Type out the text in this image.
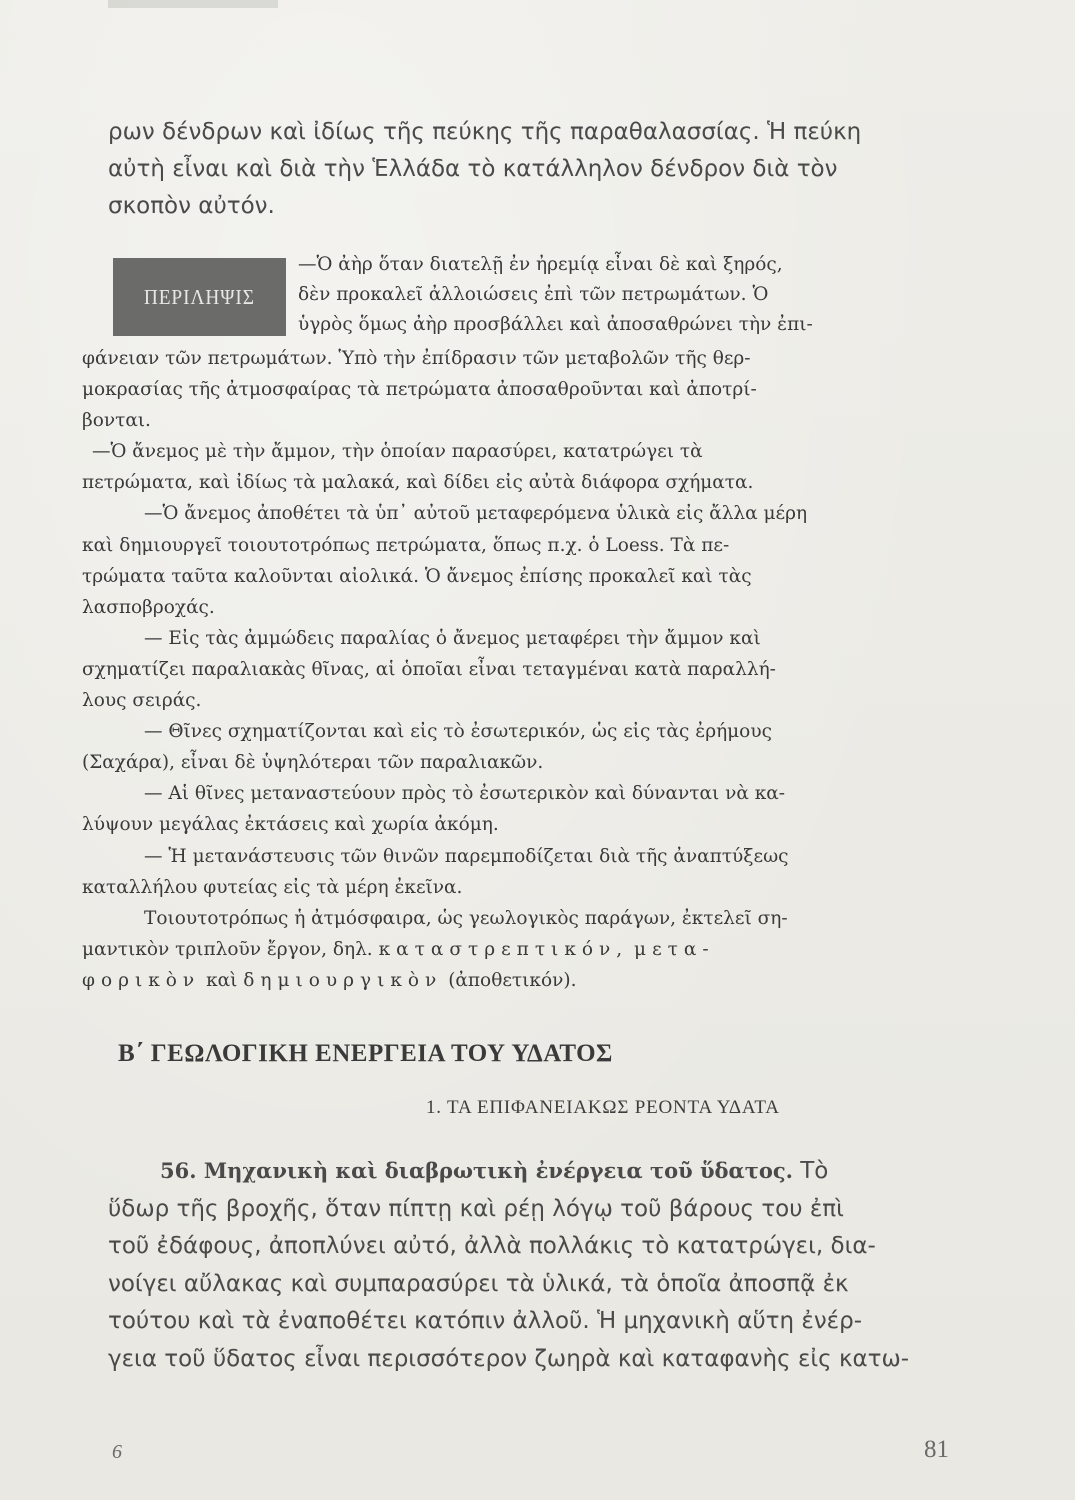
ρων δένδρων καὶ ἰδίως τῆς πεύκης τῆς παραθαλασσίας. Ἡ πεύκη
αὐτὴ εἶναι καὶ διὰ τὴν Ἑλλάδα τὸ κατάλληλον δένδρον διὰ τὸν
σκοπὸν αὐτόν.
ΠΕΡΙΛΗΨΙΣ
—Ὁ ἀὴρ ὅταν διατελῇ ἐν ἠρεμίᾳ εἶναι δὲ καὶ ξηρός,
δὲν προκαλεῖ ἀλλοιώσεις ἐπὶ τῶν πετρωμάτων. Ὁ
ὑγρὸς ὅμως ἀὴρ προσβάλλει καὶ ἀποσαθρώνει τὴν ἐπι-
φάνειαν τῶν πετρωμάτων. Ὑπὸ τὴν ἐπίδρασιν τῶν μεταβολῶν τῆς θερ-
μοκρασίας τῆς ἀτμοσφαίρας τὰ πετρώματα ἀποσαθροῦνται καὶ ἀποτρί-
βονται.
—Ὁ ἄνεμος μὲ τὴν ἄμμον, τὴν ὁποίαν παρασύρει, κατατρώγει τὰ
πετρώματα, καὶ ἰδίως τὰ μαλακά, καὶ δίδει εἰς αὐτὰ διάφορα σχήματα.
—Ὁ ἄνεμος ἀποθέτει τὰ ὑπ᾽ αὐτοῦ μεταφερόμενα ὑλικὰ εἰς ἄλλα μέρη
καὶ δημιουργεῖ τοιουτοτρόπως πετρώματα, ὅπως π.χ. ὁ Loess. Τὰ πε-
τρώματα ταῦτα καλοῦνται αἰολικά. Ὁ ἄνεμος ἐπίσης προκαλεῖ καὶ τὰς
λασποβροχάς.
— Εἰς τὰς ἀμμώδεις παραλίας ὁ ἄνεμος μεταφέρει τὴν ἄμμον καὶ
σχηματίζει παραλιακὰς θῖνας, αἱ ὁποῖαι εἶναι τεταγμέναι κατὰ παραλλή-
λους σειράς.
— Θῖνες σχηματίζονται καὶ εἰς τὸ ἐσωτερικόν, ὡς εἰς τὰς ἐρήμους
(Σαχάρα), εἶναι δὲ ὑψηλότεραι τῶν παραλιακῶν.
— Αἱ θῖνες μεταναστεύουν πρὸς τὸ ἐσωτερικὸν καὶ δύνανται νὰ κα-
λύψουν μεγάλας ἐκτάσεις καὶ χωρία ἀκόμη.
— Ἡ μετανάστευσις τῶν θινῶν παρεμποδίζεται διὰ τῆς ἀναπτύξεως
καταλλήλου φυτείας εἰς τὰ μέρη ἐκεῖνα.
Τοιουτοτρόπως ἡ ἀτμόσφαιρα, ὡς γεωλογικὸς παράγων, ἐκτελεῖ ση-
μαντικὸν τριπλοῦν ἔργον, δηλ. καταστρεπτικόν, μετα-
φορικὸν καὶ δημιουργικὸν (ἀποθετικόν).
Β΄ ΓΕΩΛΟΓΙΚΗ ΕΝΕΡΓΕΙΑ ΤΟΥ ΥΔΑΤΟΣ
1. ΤΑ ΕΠΙΦΑΝΕΙΑΚΩΣ ΡΕΟΝΤΑ ΥΔΑΤΑ
56. Μηχανικὴ καὶ διαβρωτικὴ ἐνέργεια τοῦ ὕδατος. Τὸ
ὕδωρ τῆς βροχῆς, ὅταν πίπτῃ καὶ ρέῃ λόγῳ τοῦ βάρους του ἐπὶ
τοῦ ἐδάφους, ἀποπλύνει αὐτό, ἀλλὰ πολλάκις τὸ κατατρώγει, δια-
νοίγει αὔλακας καὶ συμπαρασύρει τὰ ὑλικά, τὰ ὁποῖα ἀποσπᾷ ἐκ
τούτου καὶ τὰ ἐναποθέτει κατόπιν ἀλλοῦ. Ἡ μηχανικὴ αὕτη ἐνέρ-
γεια τοῦ ὕδατος εἶναι περισσότερον ζωηρὰ καὶ καταφανὴς εἰς κατω-
6	81
